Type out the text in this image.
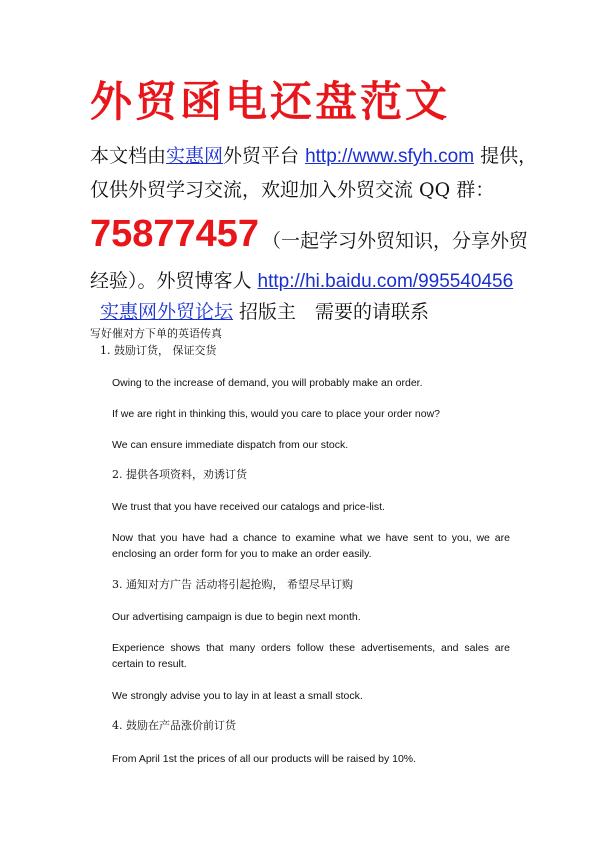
外贸函电还盘范文
本文档由实惠网外贸平台 http://www.sfyh.com 提供，
仅供外贸学习交流，欢迎加入外贸交流 QQ 群：
75877457 （一起学习外贸知识，分享外贸
经验）。外贸博客人 http://hi.baidu.com/995540456
实惠网外贸论坛 招版主　需要的请联系
写好催对方下单的英语传真
1. 鼓励订货， 保证交货
Owing to the increase of demand, you will probably make an order.
If we are right in thinking this, would you care to place your order now?
We can ensure immediate dispatch from our stock.
2. 提供各项资料，劝诱订货
We trust that you have received our catalogs and price-list.
Now that you have had a chance to examine what we have sent to you, we are enclosing an order form for you to make an order easily.
3. 通知对方广告 活动将引起抢购， 希望尽早订购
Our advertising campaign is due to begin next month.
Experience shows that many orders follow these advertisements, and sales are certain to result.
We strongly advise you to lay in at least a small stock.
4. 鼓励在产品涨价前订货
From April 1st the prices of all our products will be raised by 10%.
